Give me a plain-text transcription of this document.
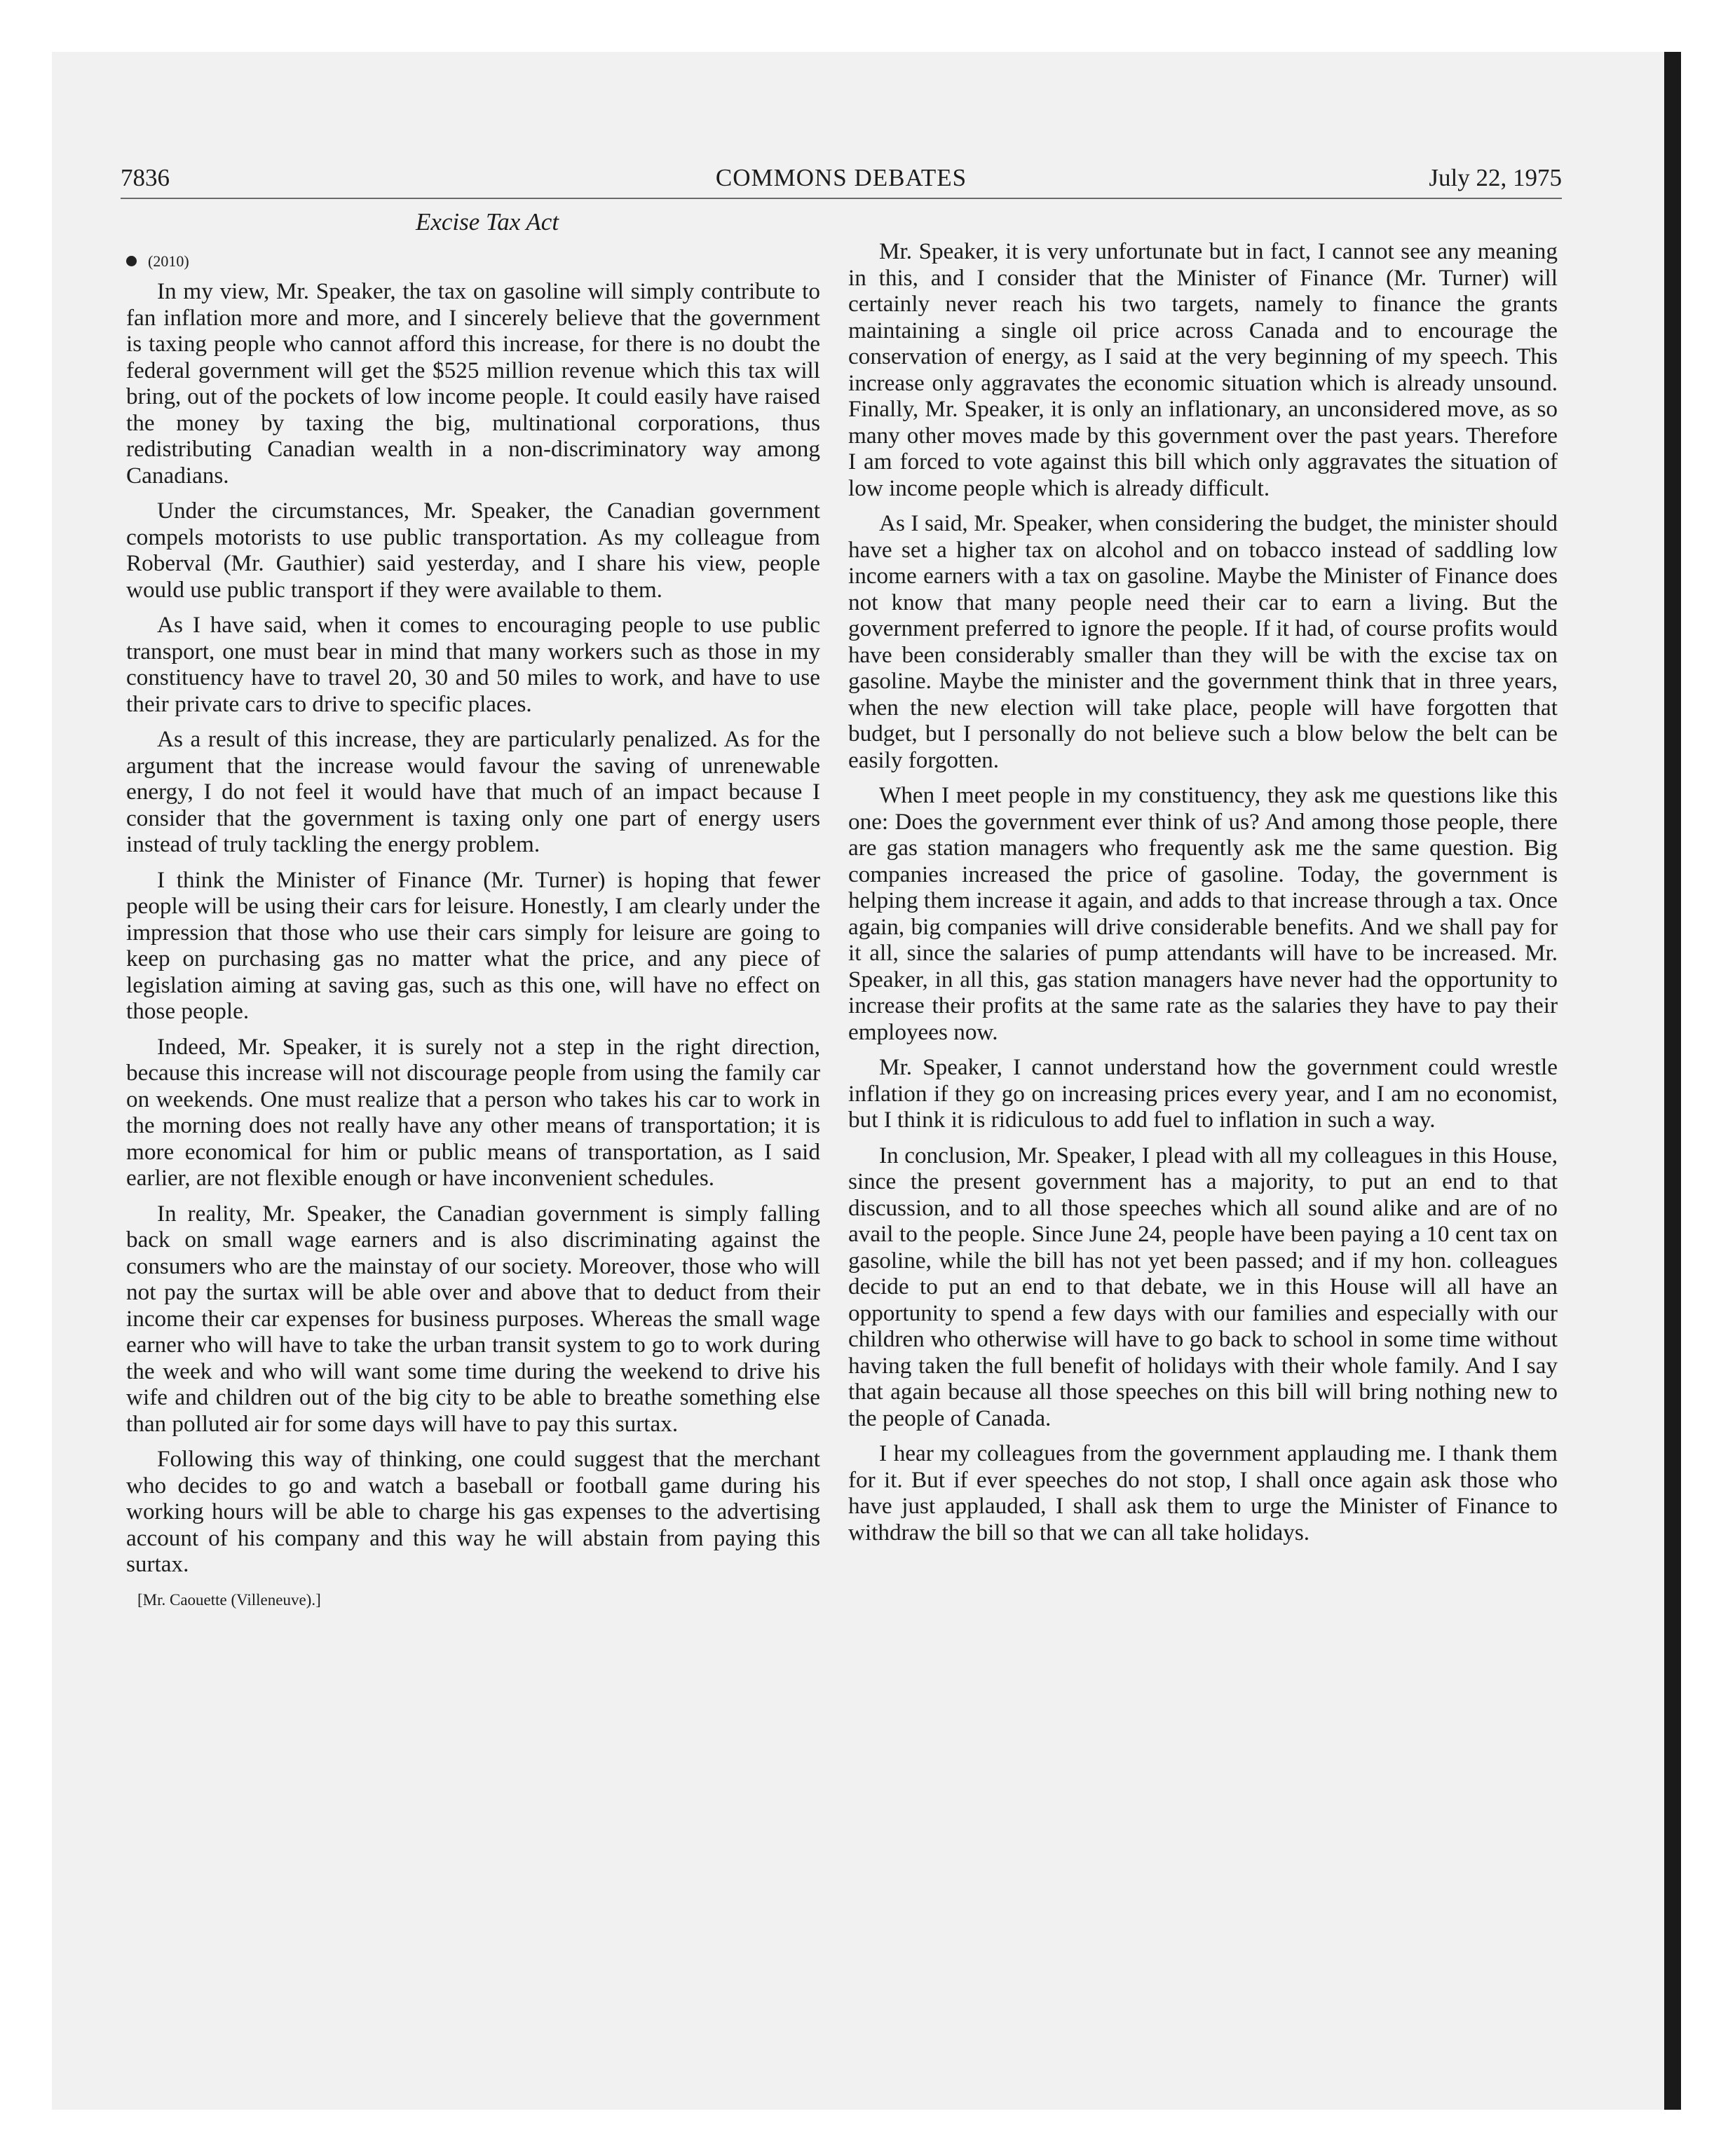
7836	COMMONS DEBATES	July 22, 1975
Excise Tax Act
(2010)

In my view, Mr. Speaker, the tax on gasoline will simply contribute to fan inflation more and more, and I sincerely believe that the government is taxing people who cannot afford this increase, for there is no doubt the federal government will get the $525 million revenue which this tax will bring, out of the pockets of low income people. It could easily have raised the money by taxing the big, multinational corporations, thus redistributing Canadian wealth in a non-discriminatory way among Canadians.

Under the circumstances, Mr. Speaker, the Canadian government compels motorists to use public transportation. As my colleague from Roberval (Mr. Gauthier) said yesterday, and I share his view, people would use public transport if they were available to them.

As I have said, when it comes to encouraging people to use public transport, one must bear in mind that many workers such as those in my constituency have to travel 20, 30 and 50 miles to work, and have to use their private cars to drive to specific places.

As a result of this increase, they are particularly penalized. As for the argument that the increase would favour the saving of unrenewable energy, I do not feel it would have that much of an impact because I consider that the government is taxing only one part of energy users instead of truly tackling the energy problem.

I think the Minister of Finance (Mr. Turner) is hoping that fewer people will be using their cars for leisure. Honestly, I am clearly under the impression that those who use their cars simply for leisure are going to keep on purchasing gas no matter what the price, and any piece of legislation aiming at saving gas, such as this one, will have no effect on those people.

Indeed, Mr. Speaker, it is surely not a step in the right direction, because this increase will not discourage people from using the family car on weekends. One must realize that a person who takes his car to work in the morning does not really have any other means of transportation; it is more economical for him or public means of transportation, as I said earlier, are not flexible enough or have inconvenient schedules.

In reality, Mr. Speaker, the Canadian government is simply falling back on small wage earners and is also discriminating against the consumers who are the mainstay of our society. Moreover, those who will not pay the surtax will be able over and above that to deduct from their income their car expenses for business purposes. Whereas the small wage earner who will have to take the urban transit system to go to work during the week and who will want some time during the weekend to drive his wife and children out of the big city to be able to breathe something else than polluted air for some days will have to pay this surtax.

Following this way of thinking, one could suggest that the merchant who decides to go and watch a baseball or football game during his working hours will be able to charge his gas expenses to the advertising account of his company and this way he will abstain from paying this surtax.

[Mr. Caouette (Villeneuve).]

Mr. Speaker, it is very unfortunate but in fact, I cannot see any meaning in this, and I consider that the Minister of Finance (Mr. Turner) will certainly never reach his two targets, namely to finance the grants maintaining a single oil price across Canada and to encourage the conservation of energy, as I said at the very beginning of my speech. This increase only aggravates the economic situation which is already unsound. Finally, Mr. Speaker, it is only an inflationary, an unconsidered move, as so many other moves made by this government over the past years. Therefore I am forced to vote against this bill which only aggravates the situation of low income people which is already difficult.

As I said, Mr. Speaker, when considering the budget, the minister should have set a higher tax on alcohol and on tobacco instead of saddling low income earners with a tax on gasoline. Maybe the Minister of Finance does not know that many people need their car to earn a living. But the government preferred to ignore the people. If it had, of course profits would have been considerably smaller than they will be with the excise tax on gasoline. Maybe the minister and the government think that in three years, when the new election will take place, people will have forgotten that budget, but I personally do not believe such a blow below the belt can be easily forgotten.

When I meet people in my constituency, they ask me questions like this one: Does the government ever think of us? And among those people, there are gas station managers who frequently ask me the same question. Big companies increased the price of gasoline. Today, the government is helping them increase it again, and adds to that increase through a tax. Once again, big companies will drive considerable benefits. And we shall pay for it all, since the salaries of pump attendants will have to be increased. Mr. Speaker, in all this, gas station managers have never had the opportunity to increase their profits at the same rate as the salaries they have to pay their employees now.

Mr. Speaker, I cannot understand how the government could wrestle inflation if they go on increasing prices every year, and I am no economist, but I think it is ridiculous to add fuel to inflation in such a way.

In conclusion, Mr. Speaker, I plead with all my colleagues in this House, since the present government has a majority, to put an end to that discussion, and to all those speeches which all sound alike and are of no avail to the people. Since June 24, people have been paying a 10 cent tax on gasoline, while the bill has not yet been passed; and if my hon. colleagues decide to put an end to that debate, we in this House will all have an opportunity to spend a few days with our families and especially with our children who otherwise will have to go back to school in some time without having taken the full benefit of holidays with their whole family. And I say that again because all those speeches on this bill will bring nothing new to the people of Canada.

I hear my colleagues from the government applauding me. I thank them for it. But if ever speeches do not stop, I shall once again ask those who have just applauded, I shall ask them to urge the Minister of Finance to withdraw the bill so that we can all take holidays.
